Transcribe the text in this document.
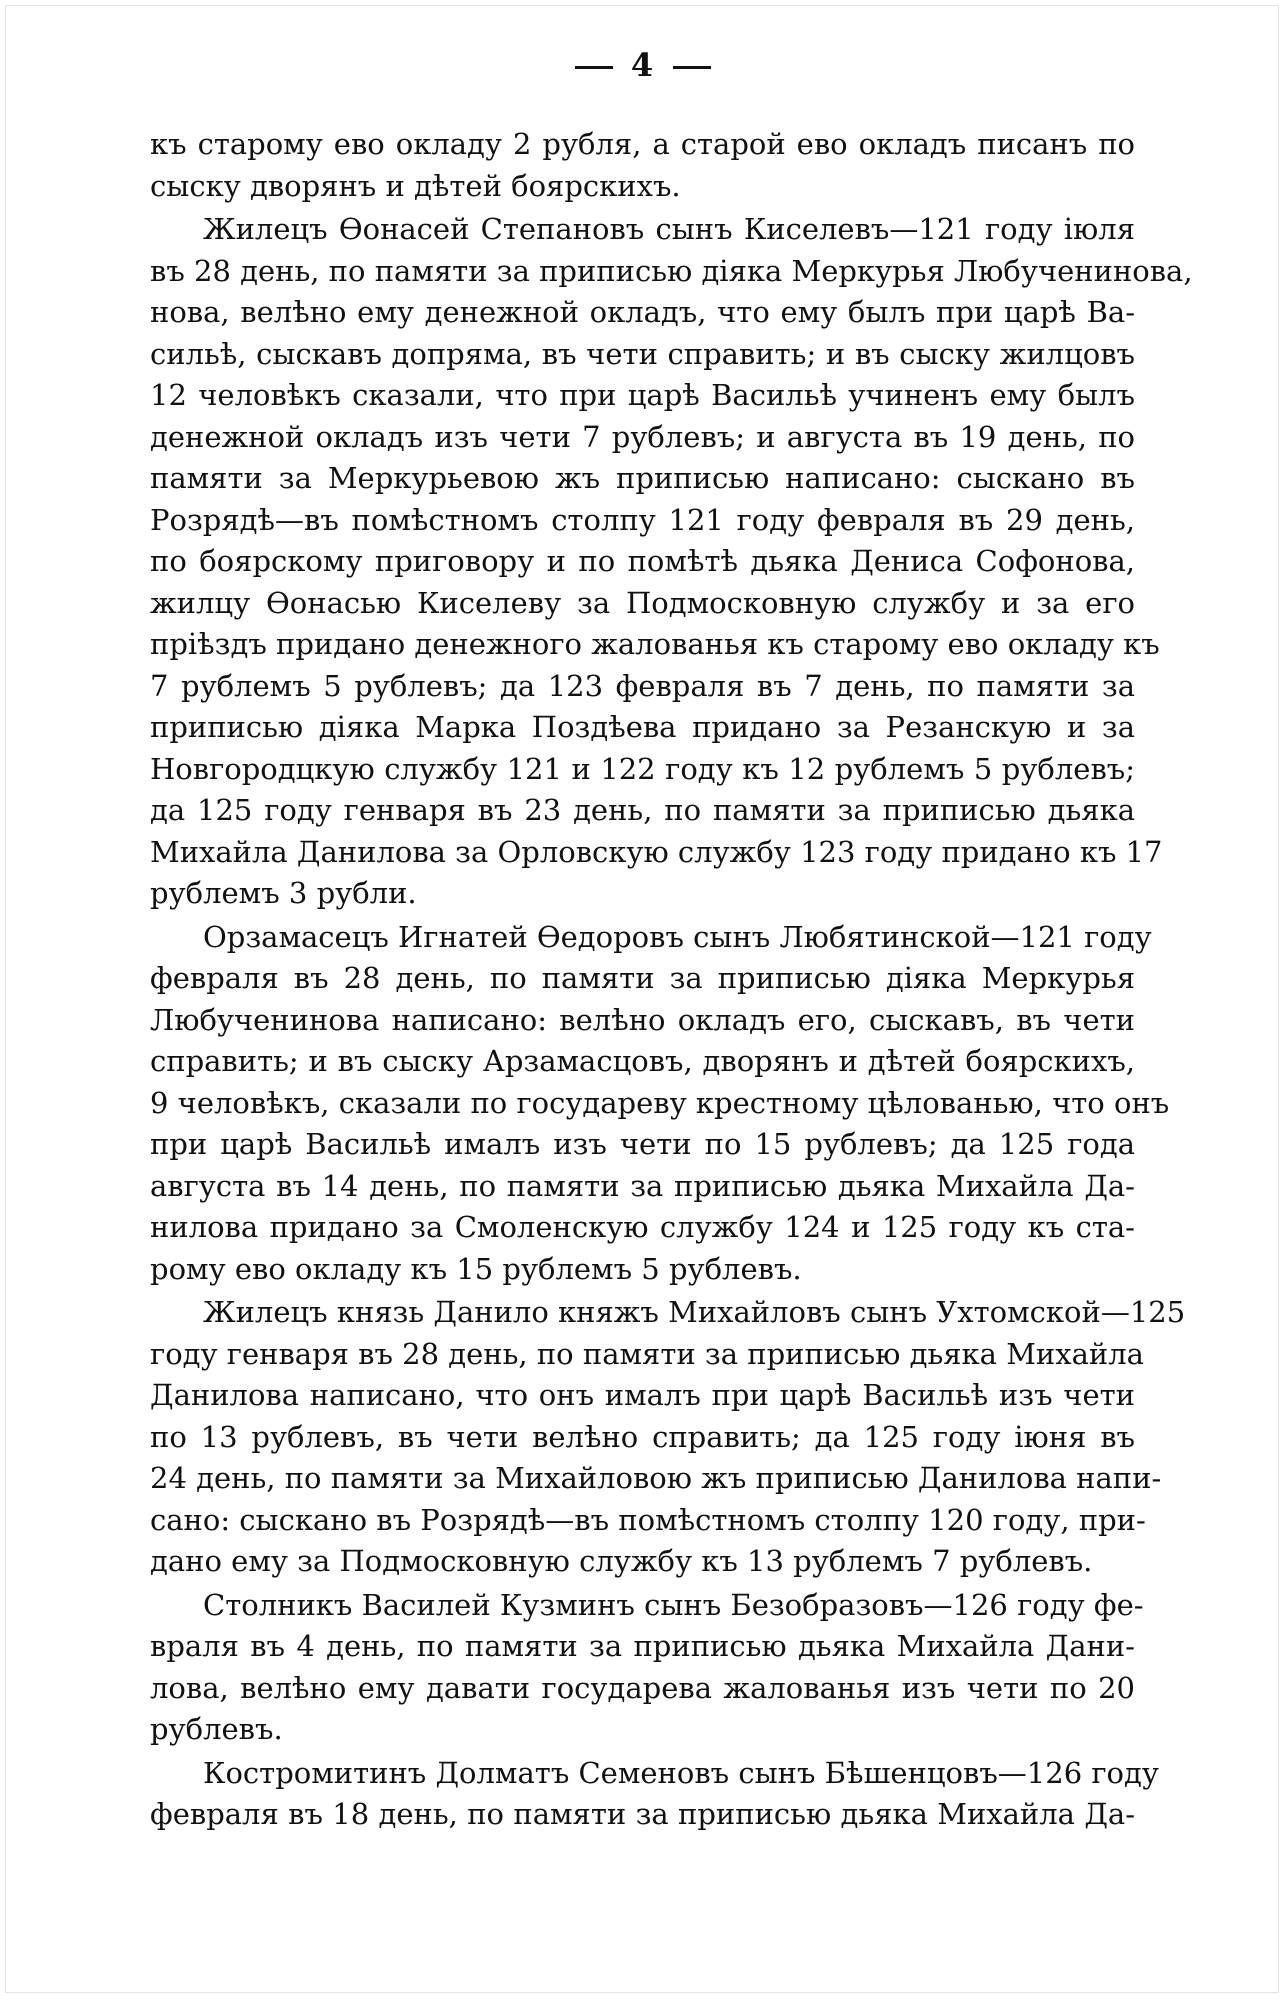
4
къ старому ево окладу 2 рубля, а старой ево окладъ писанъ по
сыску дворянъ и дѣтей боярскихъ.
Жилецъ Ѳонасей Степановъ сынъ Киселевъ—121 году іюля
въ 28 день, по памяти за приписью діяка Меркурья Любученинова,
нова, велѣно ему денежной окладъ, что ему былъ при царѣ Ва-
сильѣ, сыскавъ допряма, въ чети справить; и въ сыску жилцовъ
12 человѣкъ сказали, что при царѣ Васильѣ учиненъ ему былъ
денежной окладъ изъ чети 7 рублевъ; и августа въ 19 день, по
памяти за Меркурьевою жъ приписью написано: сыскано въ
Розрядѣ—въ помѣстномъ столпу 121 году февраля въ 29 день,
по боярскому приговору и по помѣтѣ дьяка Дениса Софонова,
жилцу Ѳонасью Киселеву за Подмосковную службу и за его
пріѣздъ придано денежного жалованья къ старому ево окладу къ
7 рублемъ 5 рублевъ; да 123 февраля въ 7 день, по памяти за
приписью діяка Марка Поздѣева придано за Резанскую и за
Новгородцкую службу 121 и 122 году къ 12 рублемъ 5 рублевъ;
да 125 году генваря въ 23 день, по памяти за приписью дьяка
Михайла Данилова за Орловскую службу 123 году придано къ 17
рублемъ 3 рубли.
Орзамасецъ Игнатей Ѳедоровъ сынъ Любятинской—121 году
февраля въ 28 день, по памяти за приписью діяка Меркурья
Любученинова написано: велѣно окладъ его, сыскавъ, въ чети
справить; и въ сыску Арзамасцовъ, дворянъ и дѣтей боярскихъ,
9 человѣкъ, сказали по государеву крестному цѣлованью, что онъ
при царѣ Васильѣ ималъ изъ чети по 15 рублевъ; да 125 года
августа въ 14 день, по памяти за приписью дьяка Михайла Да-
нилова придано за Смоленскую службу 124 и 125 году къ ста-
рому ево окладу къ 15 рублемъ 5 рублевъ.
Жилецъ князь Данило княжъ Михайловъ сынъ Ухтомской—125
году генваря въ 28 день, по памяти за приписью дьяка Михайла
Данилова написано, что онъ ималъ при царѣ Васильѣ изъ чети
по 13 рублевъ, въ чети велѣно справить; да 125 году іюня въ
24 день, по памяти за Михайловою жъ приписью Данилова напи-
сано: сыскано въ Розрядѣ—въ помѣстномъ столпу 120 году, при-
дано ему за Подмосковную службу къ 13 рублемъ 7 рублевъ.
Столникъ Василей Кузминъ сынъ Безобразовъ—126 году фе-
враля въ 4 день, по памяти за приписью дьяка Михайла Дани-
лова, велѣно ему давати государева жалованья изъ чети по 20
рублевъ.
Костромитинъ Долматъ Семеновъ сынъ Бѣшенцовъ—126 году
февраля въ 18 день, по памяти за приписью дьяка Михайла Да-
